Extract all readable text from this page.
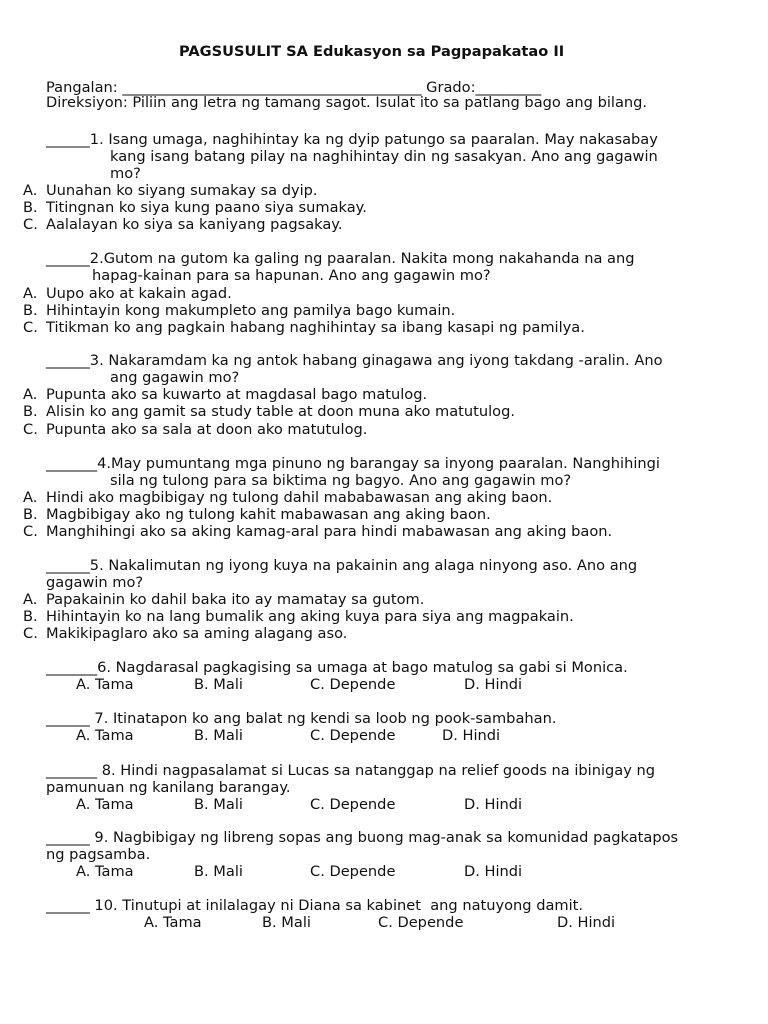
PAGSUSULIT SA Edukasyon sa Pagpapakatao II
Pangalan: _________________________________________ Grado:_________
Direksiyon: Piliin ang letra ng tamang sagot. Isulat ito sa patlang bago ang bilang.
______1. Isang umaga, naghihintay ka ng dyip patungo sa paaralan. May nakasabay
kang isang batang pilay na naghihintay din ng sasakyan. Ano ang gagawin
mo?
A. Uunahan ko siyang sumakay sa dyip.
B. Titingnan ko siya kung paano siya sumakay.
C. Aalalayan ko siya sa kaniyang pagsakay.
______2.Gutom na gutom ka galing ng paaralan. Nakita mong nakahanda na ang
hapag-kainan para sa hapunan. Ano ang gagawin mo?
A. Uupo ako at kakain agad.
B. Hihintayin kong makumpleto ang pamilya bago kumain.
C. Titikman ko ang pagkain habang naghihintay sa ibang kasapi ng pamilya.
______3. Nakaramdam ka ng antok habang ginagawa ang iyong takdang -aralin. Ano
ang gagawin mo?
A. Pupunta ako sa kuwarto at magdasal bago matulog.
B. Alisin ko ang gamit sa study table at doon muna ako matutulog.
C. Pupunta ako sa sala at doon ako matutulog.
_______4.May pumuntang mga pinuno ng barangay sa inyong paaralan. Nanghihingi
sila ng tulong para sa biktima ng bagyo. Ano ang gagawin mo?
A. Hindi ako magbibigay ng tulong dahil mababawasan ang aking baon.
B. Magbibigay ako ng tulong kahit mabawasan ang aking baon.
C. Manghihingi ako sa aking kamag-aral para hindi mabawasan ang aking baon.
______5. Nakalimutan ng iyong kuya na pakainin ang alaga ninyong aso. Ano ang
gagawin mo?
A. Papakainin ko dahil baka ito ay mamatay sa gutom.
B. Hihintayin ko na lang bumalik ang aking kuya para siya ang magpakain.
C. Makikipaglaro ako sa aming alagang aso.
_______6. Nagdarasal pagkagising sa umaga at bago matulog sa gabi si Monica.
A. Tama	B. Mali	C. Depende	D. Hindi
______ 7. Itinatapon ko ang balat ng kendi sa loob ng pook-sambahan.
A. Tama	B. Mali	C. Depende	D. Hindi
_______ 8. Hindi nagpasalamat si Lucas sa natanggap na relief goods na ibinigay ng
pamunuan ng kanilang barangay.
A. Tama	B. Mali	C. Depende	D. Hindi
______ 9. Nagbibigay ng libreng sopas ang buong mag-anak sa komunidad pagkatapos
ng pagsamba.
A. Tama	B. Mali	C. Depende	D. Hindi
______ 10. Tinutupi at inilalagay ni Diana sa kabinet  ang natuyong damit.
A. Tama	B. Mali	C. Depende	D. Hindi
